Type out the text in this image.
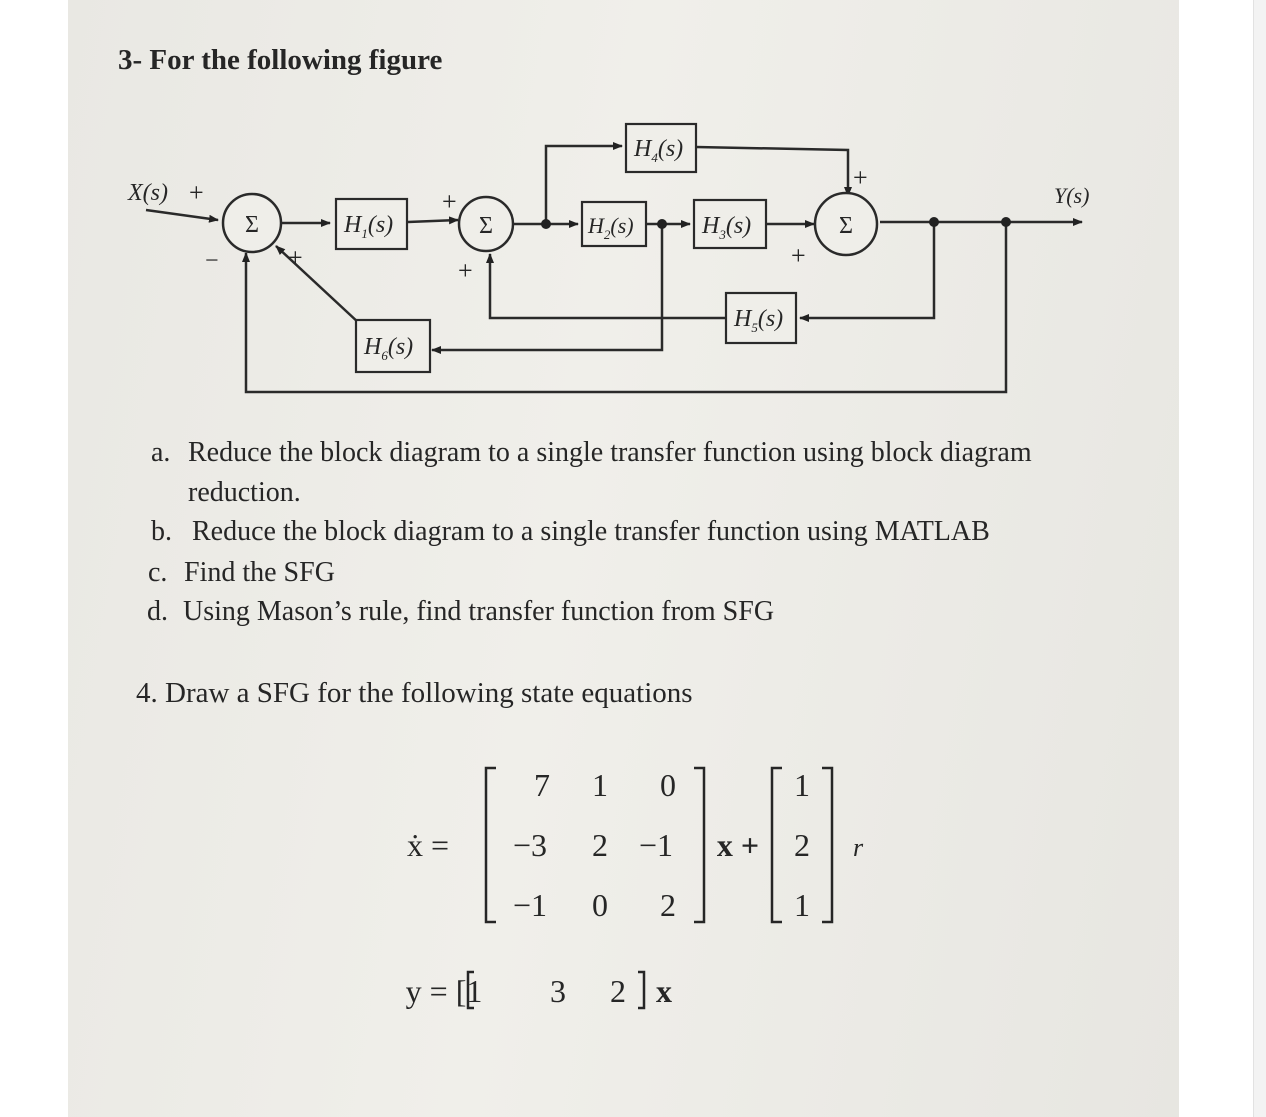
3- For the following figure
Σ	Σ	Σ
$H_1(s)$	$H_2(s)$	$H_3(s)$
$H_4(s)$
$H_5(s)$
$H_6(s)$
X(s)	Y(s)
+
−	+
+
+
+
+
a. Reduce the block diagram to a single transfer function using block diagram
reduction.
b. Reduce the block diagram to a single transfer function using MATLAB
c. Find the SFG
d. Using Mason’s rule, find transfer function from SFG
4. Draw a SFG for the following state equations
ẋ =
7 1 0
−3 2 −1
−1 0 2
x +
1
2
1
r
y = [1 3 2 x
